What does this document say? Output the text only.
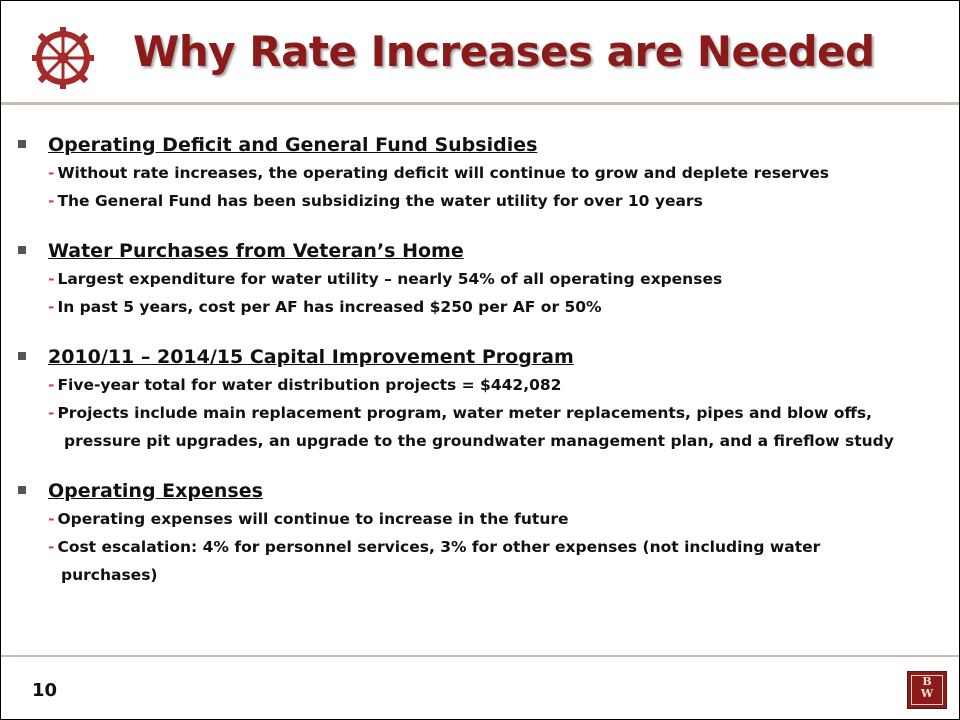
Why Rate Increases are Needed

Operating Deficit and General Fund Subsidies

- Without rate increases, the operating deficit will continue to grow and deplete reserves

- The General Fund has been subsidizing the water utility for over 10 years

Water Purchases from Veteran’s Home

- Largest expenditure for water utility – nearly 54% of all operating expenses

- In past 5 years, cost per AF has increased $250 per AF or 50%

2010/11 – 2014/15 Capital Improvement Program

- Five-year total for water distribution projects = $442,082

- Projects include main replacement program, water meter replacements, pipes and blow offs,

pressure pit upgrades, an upgrade to the groundwater management plan, and a fireflow study

Operating Expenses

- Operating expenses will continue to increase in the future

- Cost escalation: 4% for personnel services, 3% for other expenses (not including water

purchases)

10	B
W
